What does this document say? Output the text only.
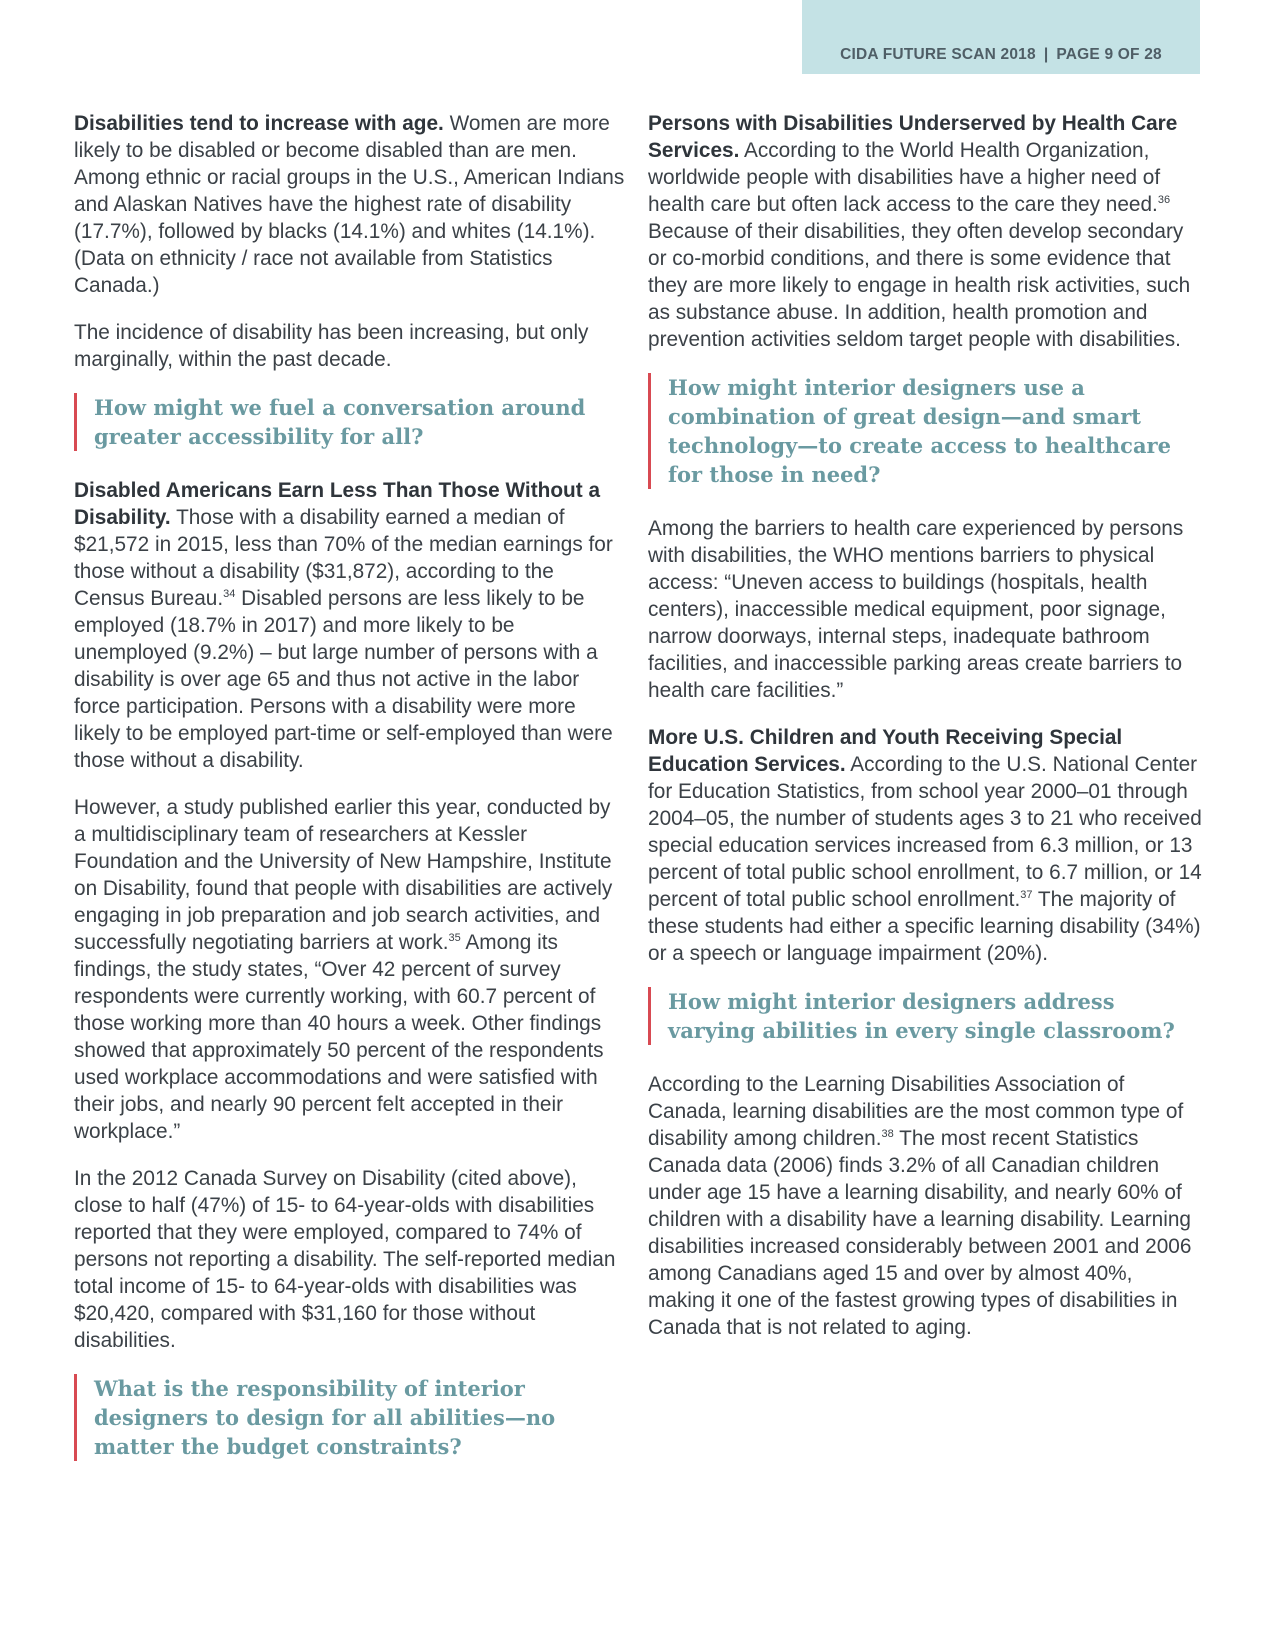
CIDA FUTURE SCAN 2018 | PAGE 9 OF 28

Disabilities tend to increase with age. Women are more likely to be disabled or become disabled than are men. Among ethnic or racial groups in the U.S., American Indians and Alaskan Natives have the highest rate of disability (17.7%), followed by blacks (14.1%) and whites (14.1%). (Data on ethnicity / race not available from Statistics Canada.)

The incidence of disability has been increasing, but only marginally, within the past decade.

How might we fuel a conversation around greater accessibility for all?

Disabled Americans Earn Less Than Those Without a Disability. Those with a disability earned a median of $21,572 in 2015, less than 70% of the median earnings for those without a disability ($31,872), according to the Census Bureau.$^{34}$ Disabled persons are less likely to be employed (18.7% in 2017) and more likely to be unemployed (9.2%) – but large number of persons with a disability is over age 65 and thus not active in the labor force participation. Persons with a disability were more likely to be employed part-time or self-employed than were those without a disability.

However, a study published earlier this year, conducted by a multidisciplinary team of researchers at Kessler Foundation and the University of New Hampshire, Institute on Disability, found that people with disabilities are actively engaging in job preparation and job search activities, and successfully negotiating barriers at work.$^{35}$ Among its findings, the study states, “Over 42 percent of survey respondents were currently working, with 60.7 percent of those working more than 40 hours a week. Other findings showed that approximately 50 percent of the respondents used workplace accommodations and were satisfied with their jobs, and nearly 90 percent felt accepted in their workplace.”

In the 2012 Canada Survey on Disability (cited above), close to half (47%) of 15- to 64-year-olds with disabilities reported that they were employed, compared to 74% of persons not reporting a disability. The self-reported median total income of 15- to 64-year-olds with disabilities was $20,420, compared with $31,160 for those without disabilities.

What is the responsibility of interior designers to design for all abilities—no matter the budget constraints?

Persons with Disabilities Underserved by Health Care Services. According to the World Health Organization, worldwide people with disabilities have a higher need of health care but often lack access to the care they need.$^{36}$ Because of their disabilities, they often develop secondary or co-morbid conditions, and there is some evidence that they are more likely to engage in health risk activities, such as substance abuse. In addition, health promotion and prevention activities seldom target people with disabilities.

How might interior designers use a combination of great design—and smart technology—to create access to healthcare for those in need?

Among the barriers to health care experienced by persons with disabilities, the WHO mentions barriers to physical access: “Uneven access to buildings (hospitals, health centers), inaccessible medical equipment, poor signage, narrow doorways, internal steps, inadequate bathroom facilities, and inaccessible parking areas create barriers to health care facilities.”

More U.S. Children and Youth Receiving Special Education Services. According to the U.S. National Center for Education Statistics, from school year 2000–01 through 2004–05, the number of students ages 3 to 21 who received special education services increased from 6.3 million, or 13 percent of total public school enrollment, to 6.7 million, or 14 percent of total public school enrollment.$^{37}$ The majority of these students had either a specific learning disability (34%) or a speech or language impairment (20%).

How might interior designers address varying abilities in every single classroom?

According to the Learning Disabilities Association of Canada, learning disabilities are the most common type of disability among children.$^{38}$ The most recent Statistics Canada data (2006) finds 3.2% of all Canadian children under age 15 have a learning disability, and nearly 60% of children with a disability have a learning disability. Learning disabilities increased considerably between 2001 and 2006 among Canadians aged 15 and over by almost 40%, making it one of the fastest growing types of disabilities in Canada that is not related to aging.
